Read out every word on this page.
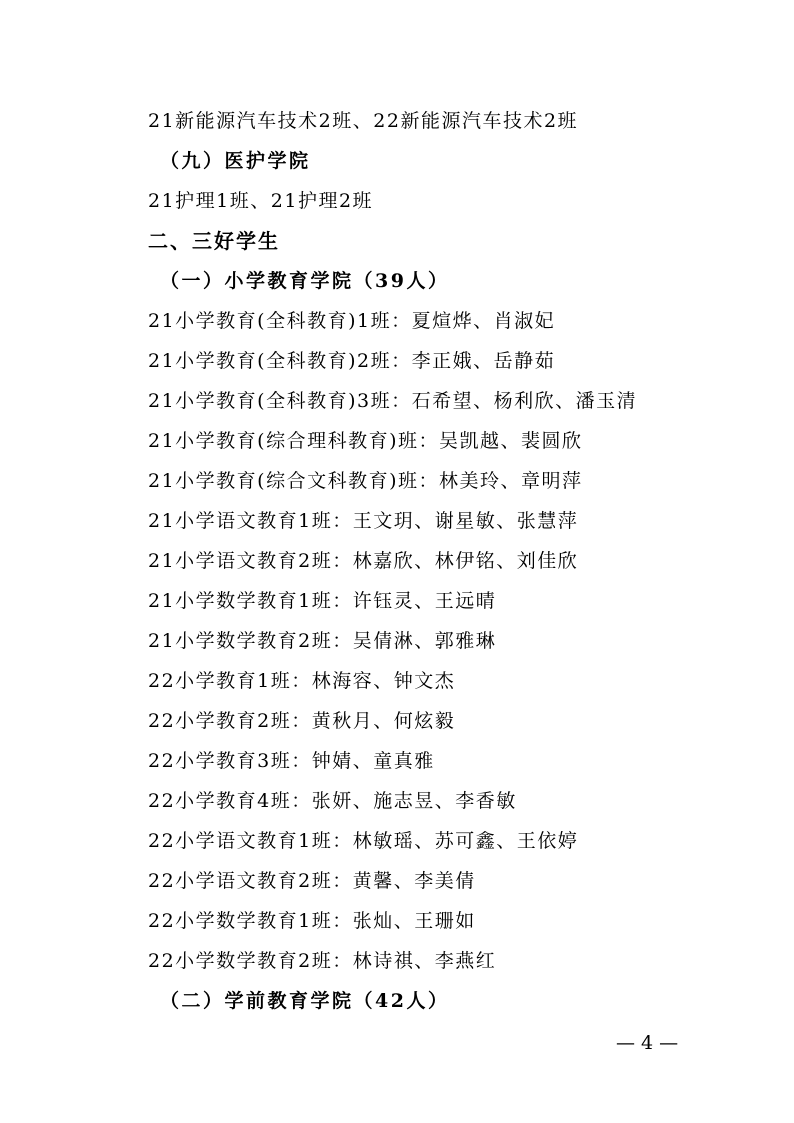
21新能源汽车技术2班、22新能源汽车技术2班
（九）医护学院
21护理1班、21护理2班
二、三好学生
（一）小学教育学院（39人）
21小学教育(全科教育)1班：夏煊烨、肖淑妃
21小学教育(全科教育)2班：李正娥、岳静茹
21小学教育(全科教育)3班：石希望、杨利欣、潘玉清
21小学教育(综合理科教育)班：吴凯越、裴圆欣
21小学教育(综合文科教育)班：林美玲、章明萍
21小学语文教育1班：王文玥、谢星敏、张慧萍
21小学语文教育2班：林嘉欣、林伊铭、刘佳欣
21小学数学教育1班：许钰灵、王远晴
21小学数学教育2班：吴倩淋、郭雅琳
22小学教育1班：林海容、钟文杰
22小学教育2班：黄秋月、何炫毅
22小学教育3班：钟婧、童真雅
22小学教育4班：张妍、施志昱、李香敏
22小学语文教育1班：林敏瑶、苏可鑫、王依婷
22小学语文教育2班：黄馨、李美倩
22小学数学教育1班：张灿、王珊如
22小学数学教育2班：林诗祺、李燕红
（二）学前教育学院（42人）
— 4 —
